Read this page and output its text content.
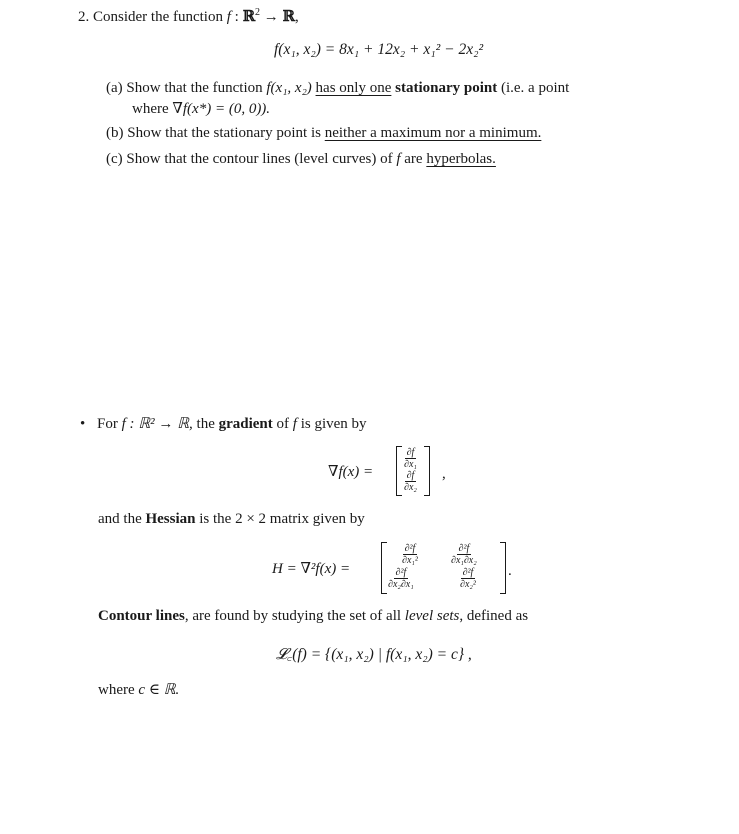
2. Consider the function f : ℝ$^2$ → ℝ,
f(x₁, x₂) = 8x₁ + 12x₂ + x₁² − 2x₂²
(a) Show that the function f(x₁, x₂) has only one stationary point (i.e. a point
where ∇f(x*) = (0, 0)).
(b) Show that the stationary point is neither a maximum nor a minimum.
(c) Show that the contour lines (level curves) of f are hyperbolas.
• For f : ℝ² → ℝ, the gradient of f is given by
∇f(x) =
$\frac{\partial f}{\text{∂x₁}}$
$\frac{\partial f}{\text{∂x₂}}$ ,
and the Hessian is the 2 × 2 matrix given by
H = ∇²f(x) =
$\frac{\text{∂²f}}{\text{∂x₁²}}$	$\frac{\text{∂²f}}{\text{∂x₁∂x₂}}$
$\frac{\text{∂²f}}{\text{∂x₂∂x₁}}$	$\frac{\text{∂²f}}{\text{∂x₂²}}$ .
Contour lines, are found by studying the set of all level sets, defined as
𝓛꜀(f) = {(x₁, x₂) | f(x₁, x₂) = c} ,
where c ∈ ℝ.
